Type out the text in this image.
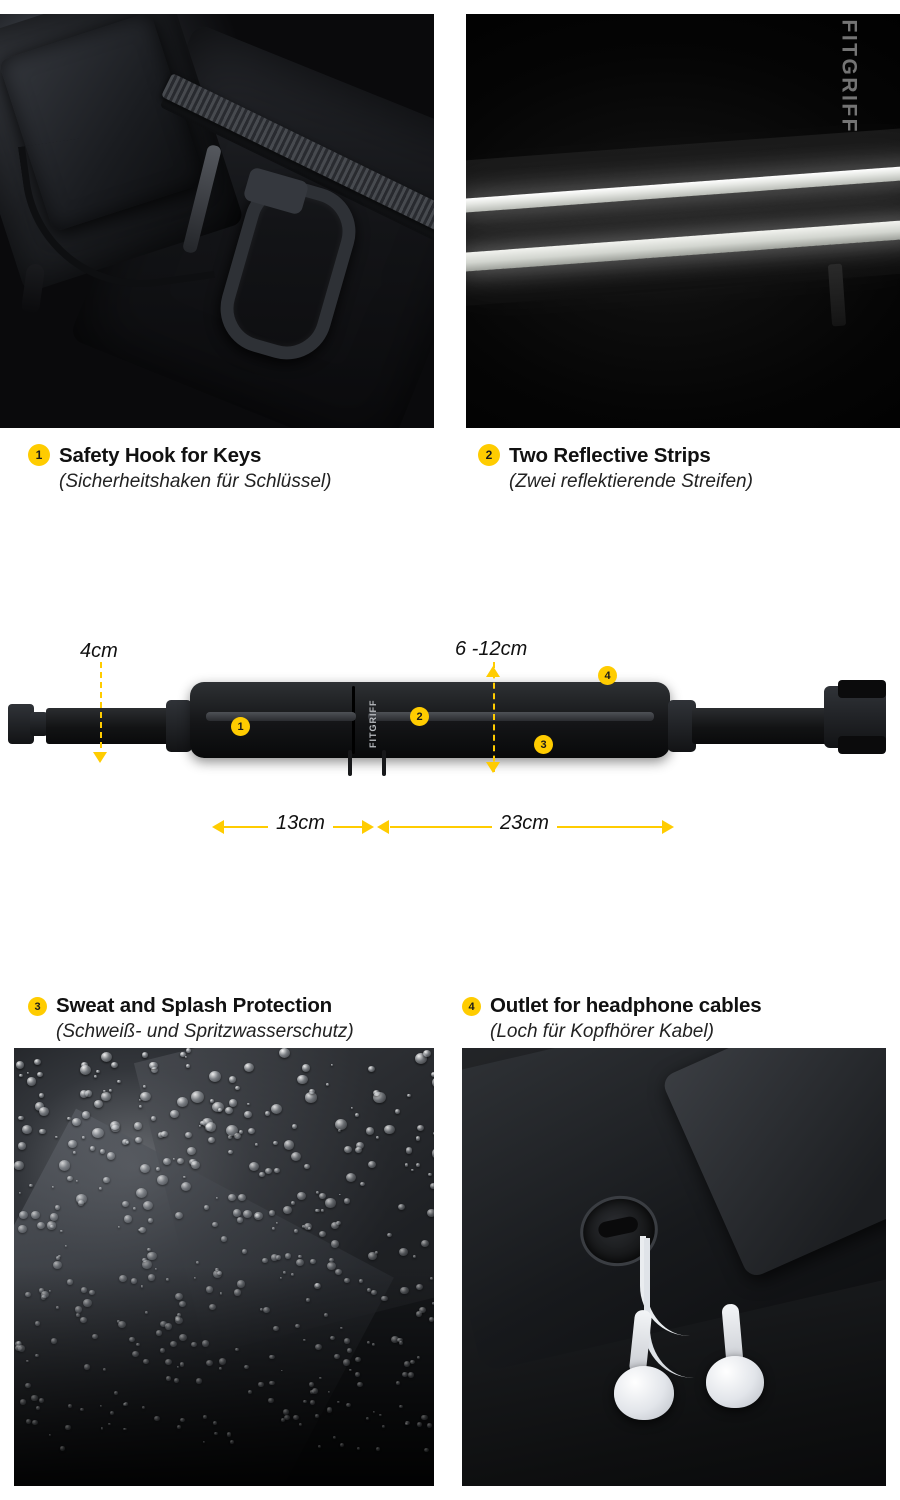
FITGRIFF
1 Safety Hook for Keys
(Sicherheitshaken für Schlüssel)
2 Two Reflective Strips
(Zwei reflektierende Streifen)
FITGRIFF
4cm	6 -12cm
13cm	23cm
1
2
3
4
3 Sweat and Splash Protection
(Schweiß- und Spritzwasserschutz)
4 Outlet for headphone cables
(Loch für Kopfhörer Kabel)
